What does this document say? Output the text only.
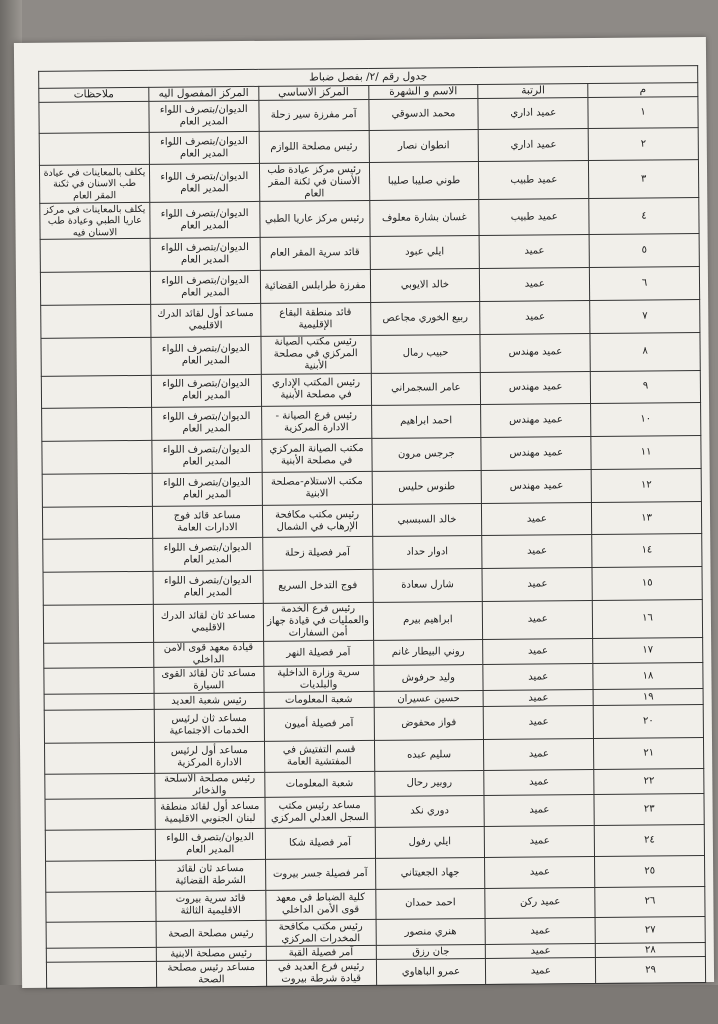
جدول رقم /٢/ بفصل ضباط					
م	الرتبة	الاسم و الشهرة	المركز الاساسي	المركز المفصول اليه	ملاحظات
١	عميد اداري	محمد الدسوقي	آمر مفرزة سير زحلة	الديوان/بتصرف اللواء المدير العام	
٢	عميد اداري	انطوان نصار	رئيس مصلحة اللوازم	الديوان/بتصرف اللواء المدير العام	
٣	عميد طبيب	طوني صليبا صليبا	رئيس مركز عيادة طب الأسنان في ثكنة المقر العام	الديوان/بتصرف اللواء المدير العام	يكلف بالمعاينات في عيادة طب الاسنان في ثكنة المقر العام
٤	عميد طبيب	غسان بشارة معلوف	رئيس مركز عاريا الطبي	الديوان/بتصرف اللواء المدير العام	يكلف بالمعاينات في مركز عاريا الطبي وعيادة طب الاسنان فيه
٥	عميد	ايلي عبود	قائد سرية المقر العام	الديوان/بتصرف اللواء المدير العام	
٦	عميد	خالد الايوبي	مفرزة طرابلس القضائية	الديوان/بتصرف اللواء المدير العام	
٧	عميد	ربيع الخوري مجاعص	قائد منطقة البقاع الإقليمية	مساعد أول لقائد الدرك الاقليمي	
٨	عميد مهندس	حبيب رمال	رئيس مكتب الصيانة المركزي في مصلحة الأبنية	الديوان/بتصرف اللواء المدير العام	
٩	عميد مهندس	عامر السجمراني	رئيس المكتب الإداري في مصلحة الأبنية	الديوان/بتصرف اللواء المدير العام	
١٠	عميد مهندس	احمد ابراهيم	رئيس فرع الصيانة - الادارة المركزية	الديوان/بتصرف اللواء المدير العام	
١١	عميد مهندس	جرجس مرون	مكتب الصيانة المركزي في مصلحة الأبنية	الديوان/بتصرف اللواء المدير العام	
١٢	عميد مهندس	طنوس حليس	مكتب الاستلام-مصلحة الابنية	الديوان/بتصرف اللواء المدير العام	
١٣	عميد	خالد السبسبي	رئيس مكتب مكافحة الإرهاب في الشمال	مساعد قائد فوج الادارات العامة	
١٤	عميد	ادوار حداد	آمر فصيلة زحلة	الديوان/بتصرف اللواء المدير العام	
١٥	عميد	شارل سعادة	فوج التدخل السريع	الديوان/بتصرف اللواء المدير العام	
١٦	عميد	ابراهيم بيرم	رئيس فرع الخدمة والعمليات في قيادة جهاز أمن السفارات	مساعد ثان لقائد الدرك الاقليمي	
١٧	عميد	روني البيطار غانم	آمر فصيلة النهر	قيادة معهد قوى الامن الداخلي	
١٨	عميد	وليد حرفوش	سرية وزارة الداخلية والبلديات	مساعد ثان لقائد القوى السيارة	
١٩	عميد	حسين عسيران	شعبة المعلومات	رئيس شعبة العديد	
٢٠	عميد	فواز محفوض	آمر فصيلة أميون	مساعد ثان لرئيس الخدمات الاجتماعية	
٢١	عميد	سليم عبده	قسم التفتيش في المفتشية العامة	مساعد أول لرئيس الادارة المركزية	
٢٢	عميد	روبير رحال	شعبة المعلومات	رئيس مصلحة الاسلحة والذخائر	
٢٣	عميد	دوري نكد	مساعد رئيس مكتب السجل العدلي المركزي	مساعد أول لقائد منطقة لبنان الجنوبي الاقليمية	
٢٤	عميد	ايلي رفول	آمر فصيلة شكا	الديوان/بتصرف اللواء المدير العام	
٢٥	عميد	جهاد الجعيتاني	آمر فصيلة جسر بيروت	مساعد ثان لقائد الشرطة القضائية	
٢٦	عميد ركن	احمد حمدان	كلية الضباط في معهد قوى الأمن الداخلي	قائد سرية بيروت الاقليمية الثالثة	
٢٧	عميد	هنري منصور	رئيس مكتب مكافحة المخدرات المركزي	رئيس مصلحة الصحة	
٢٨	عميد	جان رزق	آمر فصيلة القبة	رئيس مصلحة الابنية	
٢٩	عميد	عمرو الباهاوي	رئيس فرع العديد في قيادة شرطة بيروت	مساعد رئيس مصلحة الصحة	
